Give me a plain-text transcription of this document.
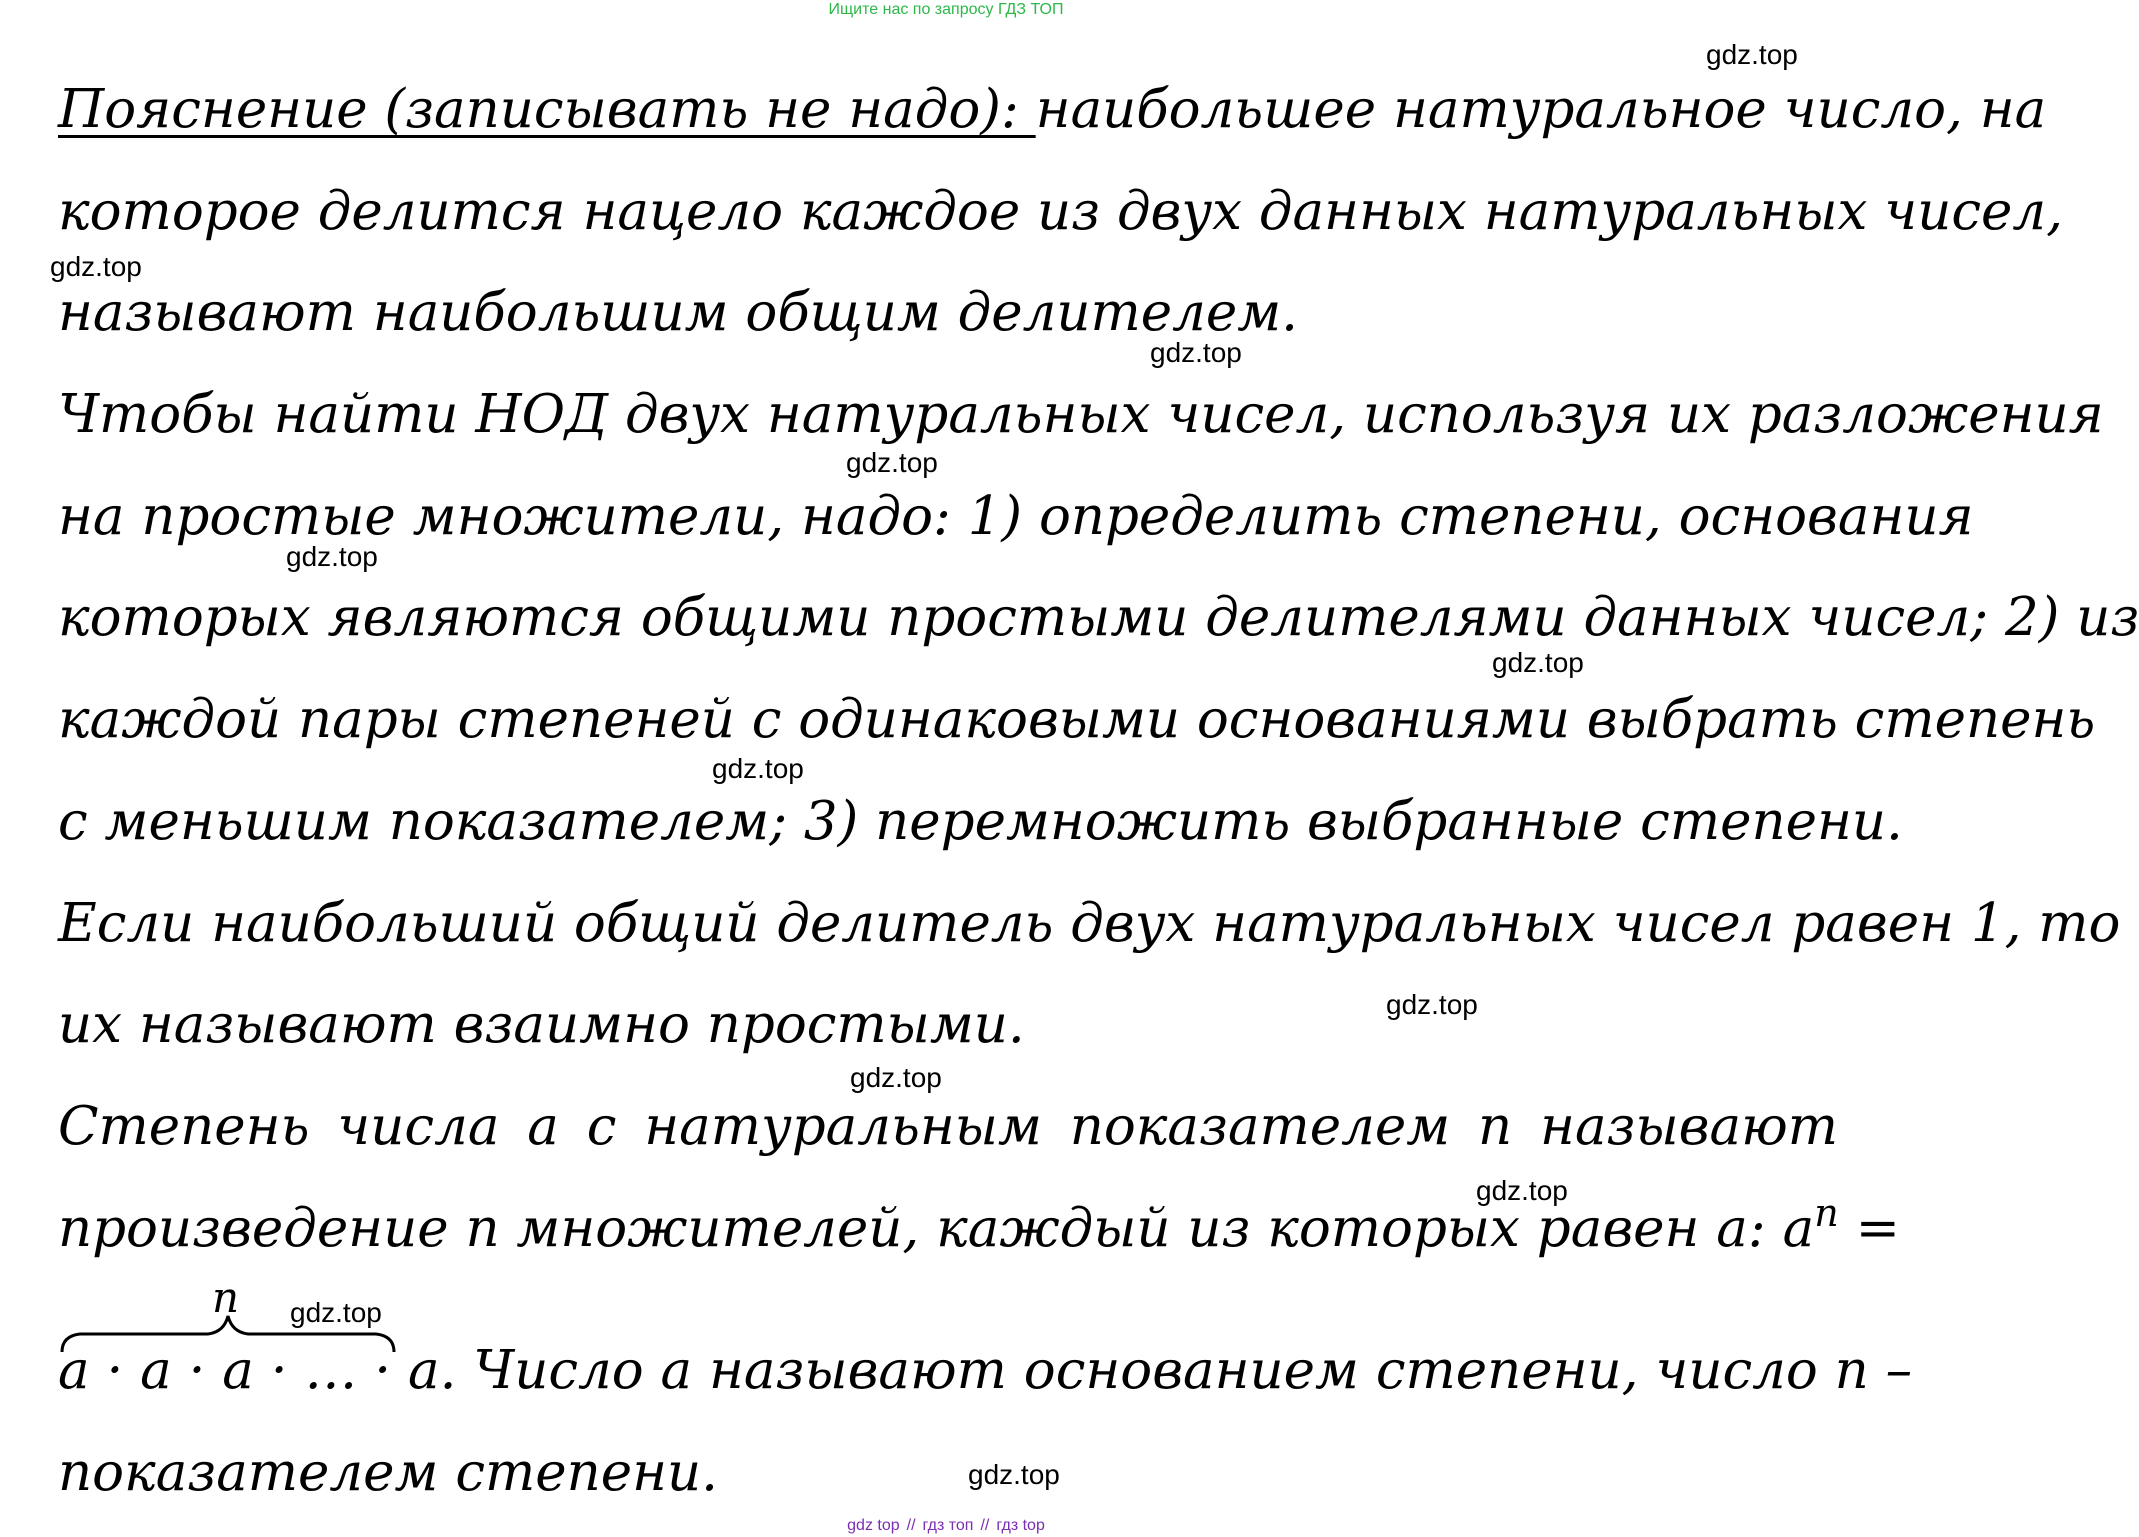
Ищите нас по запросу ГДЗ ТОП
gdz.top
gdz.top
gdz.top
gdz.top
gdz.top
gdz.top
gdz.top
gdz.top
gdz.top
gdz.top
gdz.top
gdz.top
Пояснение (записывать не надо): наибольшее натуральное число, на
которое делится нацело каждое из двух данных натуральных чисел,
называют наибольшим общим делителем.
Чтобы найти НОД двух натуральных чисел, используя их разложения
на простые множители, надо: 1) определить степени, основания
которых являются общими простыми делителями данных чисел; 2) из
каждой пары степеней с одинаковыми основаниями выбрать степень
с меньшим показателем; 3) перемножить выбранные степени.
Если наибольший общий делитель двух натуральных чисел равен 1, то
их называют взаимно простыми.
Степень числа a с натуральным показателем n называют
произведение n множителей, каждый из которых равен a: $a^n$ =
n
a · a · a · … · a. Число a называют основанием степени, число n –
показателем степени.
gdz top // гдз топ // гдз top
